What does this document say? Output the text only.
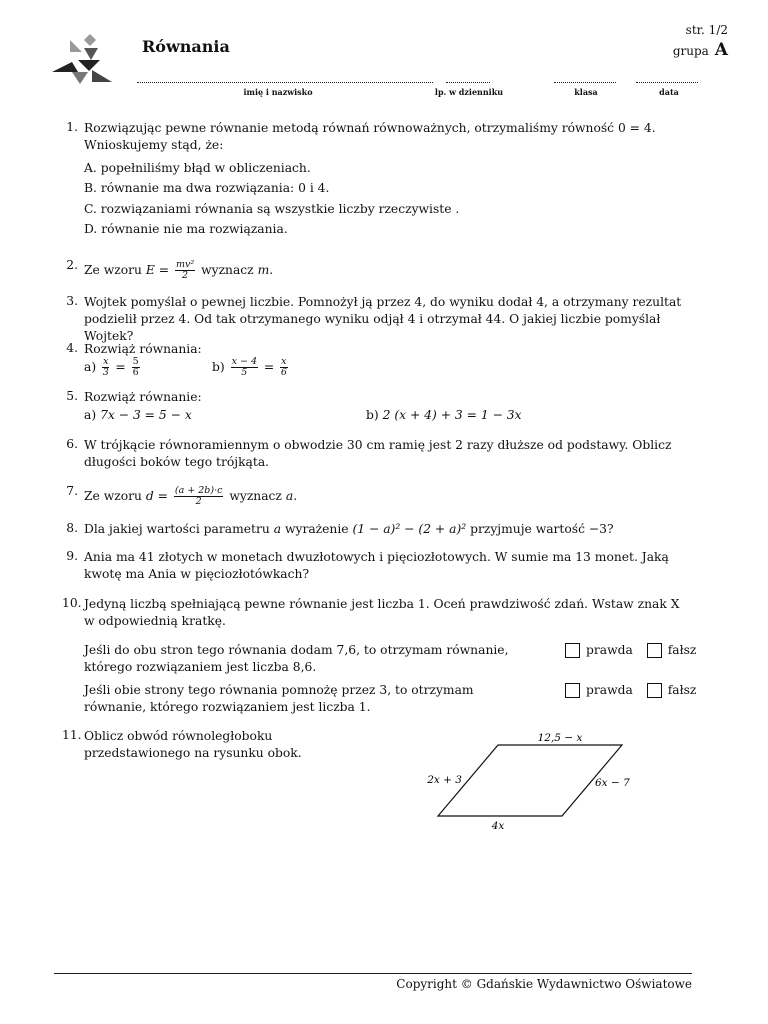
Równania
str. 1/2
grupa A
imię i nazwisko	lp. w dzienniku	klasa	data
1. Rozwiązując pewne równanie metodą równań równoważnych, otrzymaliśmy równość 0 = 4. Wnioskujemy stąd, że:
A. popełniliśmy błąd w obliczeniach.
B. równanie ma dwa rozwiązania: 0 i 4.
C. rozwiązaniami równania są wszystkie liczby rzeczywiste .
D. równanie nie ma rozwiązania.
2. Ze wzoru $E = \frac{\text{mv²}}{2}$ wyznacz m.
3. Wojtek pomyślał o pewnej liczbie. Pomnożył ją przez 4, do wyniku dodał 4, a otrzymany rezultat podzielił przez 4. Od tak otrzymanego wyniku odjął 4 i otrzymał 44. O jakiej liczbie pomyślał Wojtek?
4. Rozwiąż równania:
$a) \frac{x}{3} = \frac{5}{6}$	$b) \frac{x - 4}{5} = \frac{x}{6}$
5. Rozwiąż równanie:
a) 7x − 3 = 5 − x	b) 2 (x + 4) + 3 = 1 − 3x
6. W trójkącie równoramiennym o obwodzie 30 cm ramię jest 2 razy dłuższe od podstawy. Oblicz długości boków tego trójkąta.
7. Ze wzoru $d = \frac{(a + 2b)\cdot c}{2}$ wyznacz a.
8. Dla jakiej wartości parametru a wyrażenie (1 − a)² − (2 + a)² przyjmuje wartość −3?
9. Ania ma 41 złotych w monetach dwuzłotowych i pięciozłotowych. W sumie ma 13 monet. Jaką kwotę ma Ania w pięciozłotówkach?
10. Jedyną liczbą spełniającą pewne równanie jest liczba 1. Oceń prawdziwość zdań. Wstaw znak X w odpowiednią kratkę.
Jeśli do obu stron tego równania dodam 7,6, to otrzymam równanie, którego rozwiązaniem jest liczba 8,6.
prawda	fałsz
Jeśli obie strony tego równania pomnożę przez 3, to otrzymam równanie, którego rozwiązaniem jest liczba 1.
prawda	fałsz
11. Oblicz obwód równoległoboku przedstawionego na rysunku obok.
12,5 − x
2x + 3	6x − 7
4x
Copyright © Gdańskie Wydawnictwo Oświatowe
